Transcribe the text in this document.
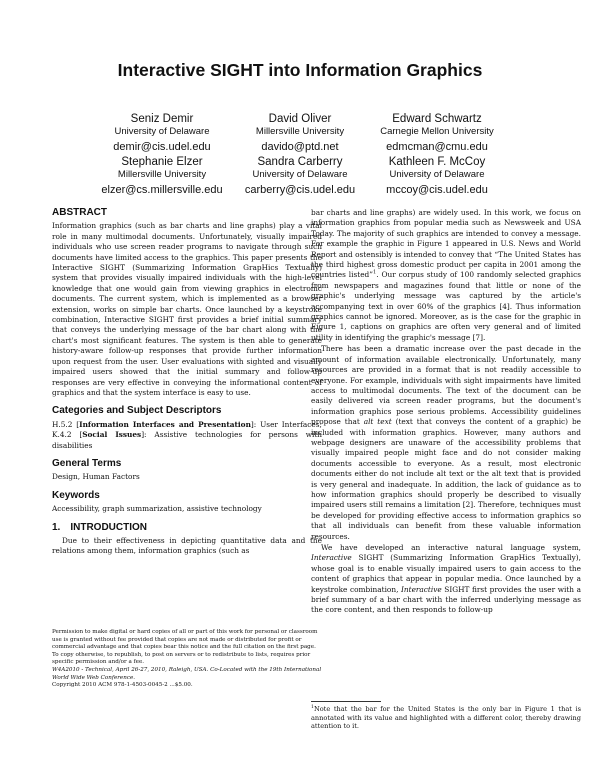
Interactive SIGHT into Information Graphics
Seniz Demir
University of Delaware
demir@cis.udel.edu
David Oliver
Millersville University
davido@ptd.net
Edward Schwartz
Carnegie Mellon University
edmcman@cmu.edu
Stephanie Elzer
Millersville University
elzer@cs.millersville.edu
Sandra Carberry
University of Delaware
carberry@cis.udel.edu
Kathleen F. McCoy
University of Delaware
mccoy@cis.udel.edu
ABSTRACT

Information graphics (such as bar charts and line graphs) play a vital role in many multimodal documents. Unfortunately, visually impaired individuals who use screen reader programs to navigate through such documents have limited access to the graphics. This paper presents the Interactive SIGHT (Summarizing Information GrapHics Textually) system that provides visually impaired individuals with the high-level knowledge that one would gain from viewing graphics in electronic documents. The current system, which is implemented as a browser extension, works on simple bar charts. Once launched by a keystroke combination, Interactive SIGHT first provides a brief initial summary that conveys the underlying message of the bar chart along with the chart's most significant features. The system is then able to generate history-aware follow-up responses that provide further information upon request from the user. User evaluations with sighted and visually impaired users showed that the initial summary and follow-up responses are very effective in conveying the informational content of graphics and that the system interface is easy to use.

Categories and Subject Descriptors

H.5.2 [Information Interfaces and Presentation]: User Interfaces; K.4.2 [Social Issues]: Assistive technologies for persons with disabilities

General Terms

Design, Human Factors

Keywords

Accessibility, graph summarization, assistive technology

1. INTRODUCTION

Due to their effectiveness in depicting quantitative data and the relations among them, information graphics (such as

Permission to make digital or hard copies of all or part of this work for personal or classroom use is granted without fee provided that copies are not made or distributed for profit or commercial advantage and that copies bear this notice and the full citation on the first page. To copy otherwise, to republish, to post on servers or to redistribute to lists, requires prior specific permission and/or a fee.

W4A2010 - Technical, April 26-27, 2010, Raleigh, USA. Co-Located with the 19th International World Wide Web Conference.

Copyright 2010 ACM 978-1-4503-0045-2 ...$5.00.

bar charts and line graphs) are widely used. In this work, we focus on information graphics from popular media such as Newsweek and USA Today. The majority of such graphics are intended to convey a message. For example the graphic in Figure 1 appeared in U.S. News and World Report and ostensibly is intended to convey that “The United States has the third highest gross domestic product per capita in 2001 among the countries listed”$^1$. Our corpus study of 100 randomly selected graphics from newspapers and magazines found that little or none of the graphic's underlying message was captured by the article's accompanying text in over 60% of the graphics [4]. Thus information graphics cannot be ignored. Moreover, as is the case for the graphic in Figure 1, captions on graphics are often very general and of limited utility in identifying the graphic's message [7].

There has been a dramatic increase over the past decade in the amount of information available electronically. Unfortunately, many resources are provided in a format that is not readily accessible to everyone. For example, individuals with sight impairments have limited access to multimodal documents. The text of the document can be easily delivered via screen reader programs, but the document's information graphics pose serious problems. Accessibility guidelines propose that alt text (text that conveys the content of a graphic) be included with information graphics. However, many authors and webpage designers are unaware of the accessibility problems that visually impaired people might face and do not consider making documents accessible to everyone. As a result, most electronic documents either do not include alt text or the alt text that is provided is very general and inadequate. In addition, the lack of guidance as to how information graphics should properly be described to visually impaired users still remains a limitation [2]. Therefore, techniques must be developed for providing effective access to information graphics so that all individuals can benefit from these valuable information resources.

We have developed an interactive natural language system, Interactive SIGHT (Summarizing Information GrapHics Textually), whose goal is to enable visually impaired users to gain access to the content of graphics that appear in popular media. Once launched by a keystroke combination, Interactive SIGHT first provides the user with a brief summary of a bar chart with the inferred underlying message as the core content, and then responds to follow-up

$^1$Note that the bar for the United States is the only bar in Figure 1 that is annotated with its value and highlighted with a different color, thereby drawing attention to it.
